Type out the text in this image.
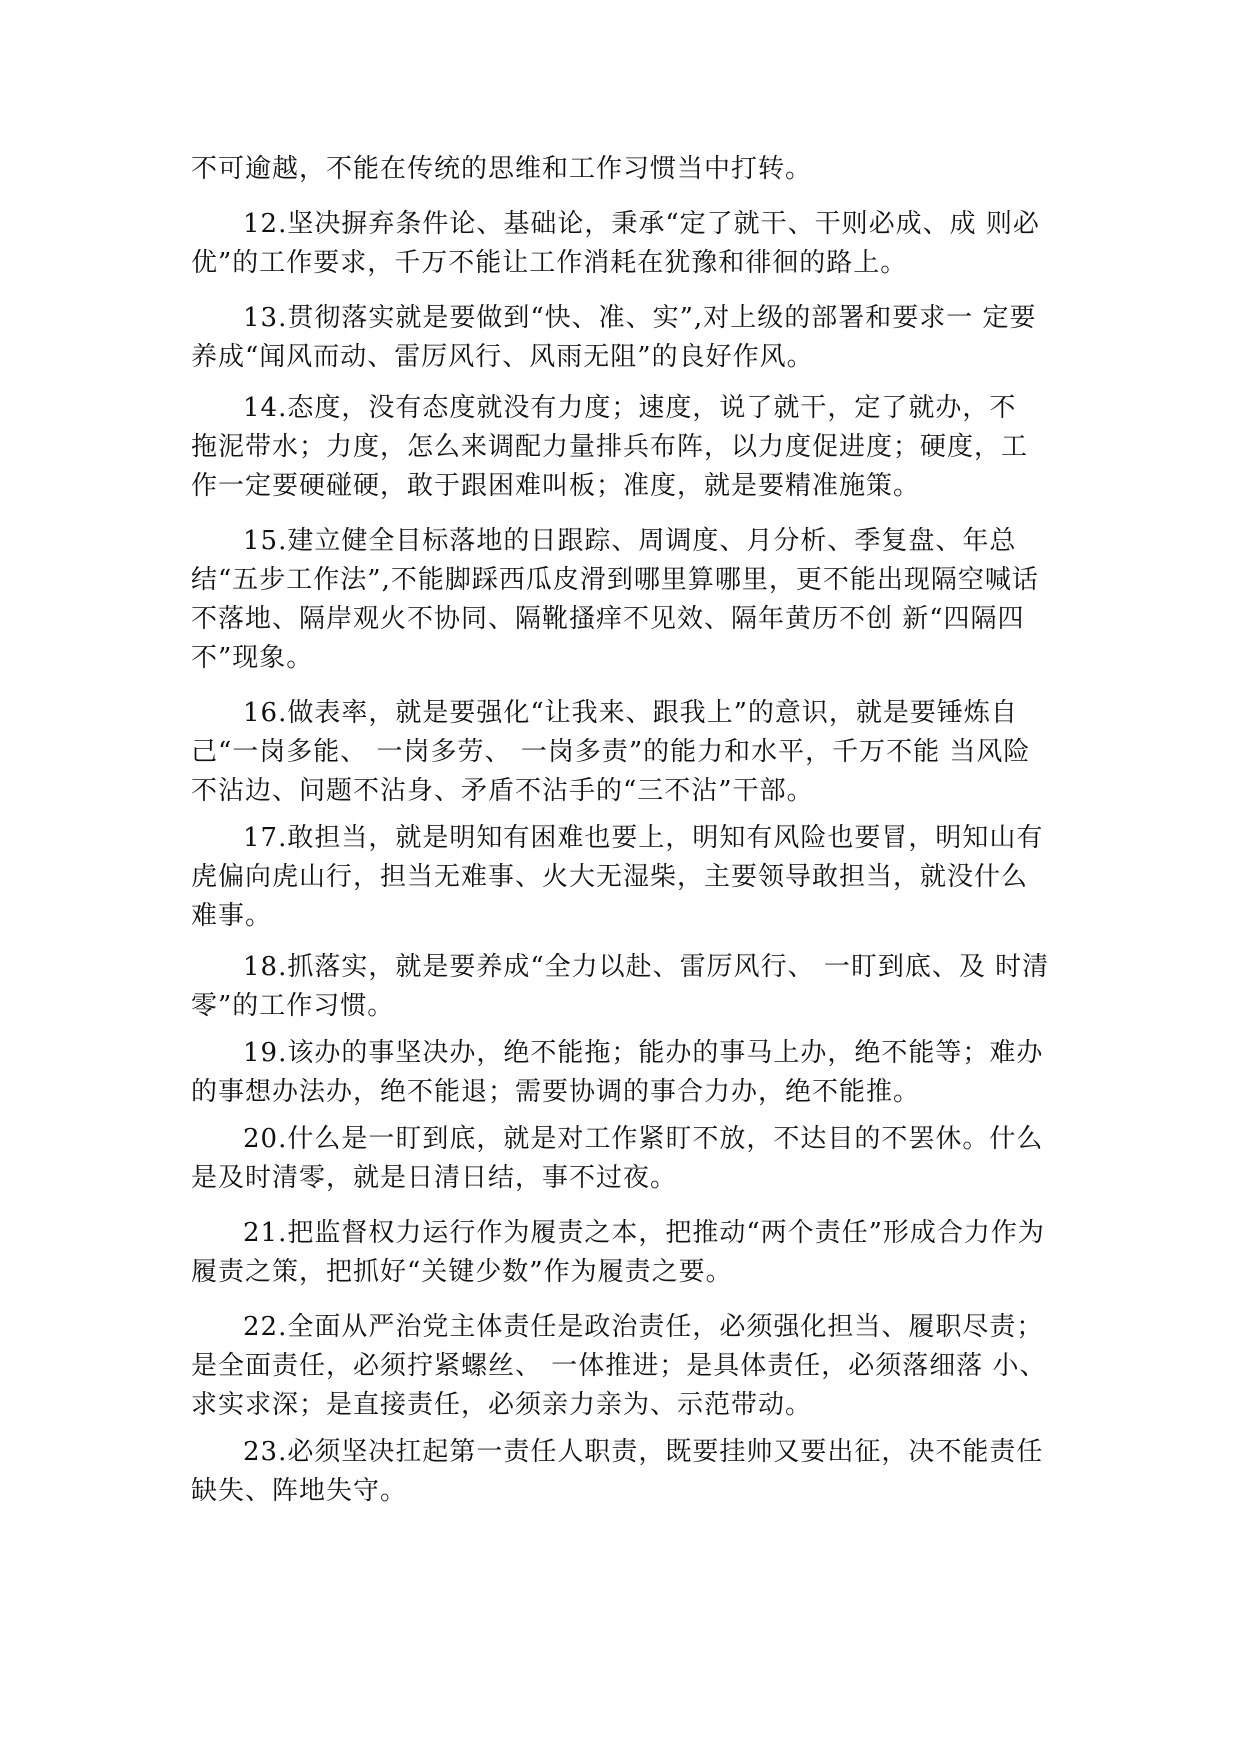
不可逾越，不能在传统的思维和工作习惯当中打转。

12.坚决摒弃条件论、基础论，秉承“定了就干、干则必成、成 则必优”的工作要求，千万不能让工作消耗在犹豫和徘徊的路上。

13.贯彻落实就是要做到“快、准、实”,对上级的部署和要求一 定要养成“闻风而动、雷厉风行、风雨无阻”的良好作风。

14.态度，没有态度就没有力度；速度，说了就干，定了就办，不 拖泥带水；力度，怎么来调配力量排兵布阵，以力度促进度；硬度，工 作一定要硬碰硬，敢于跟困难叫板；准度，就是要精准施策。

15.建立健全目标落地的日跟踪、周调度、月分析、季复盘、年总结“五步工作法”,不能脚踩西瓜皮滑到哪里算哪里，更不能出现隔空喊话不落地、隔岸观火不协同、隔靴搔痒不见效、隔年黄历不创 新“四隔四不”现象。

16.做表率，就是要强化“让我来、跟我上”的意识，就是要锤炼自己“一岗多能、 一岗多劳、 一岗多责”的能力和水平，千万不能 当风险不沾边、问题不沾身、矛盾不沾手的“三不沾”干部。

17.敢担当，就是明知有困难也要上，明知有风险也要冒，明知山有虎偏向虎山行，担当无难事、火大无湿柴，主要领导敢担当，就没什么难事。

18.抓落实，就是要养成“全力以赴、雷厉风行、 一盯到底、及 时清零”的工作习惯。

19.该办的事坚决办，绝不能拖；能办的事马上办，绝不能等；难办的事想办法办，绝不能退；需要协调的事合力办，绝不能推。

20.什么是一盯到底，就是对工作紧盯不放，不达目的不罢休。什么是及时清零，就是日清日结，事不过夜。

21.把监督权力运行作为履责之本，把推动“两个责任”形成合力作为履责之策，把抓好“关键少数”作为履责之要。

22.全面从严治党主体责任是政治责任，必须强化担当、履职尽责；是全面责任，必须拧紧螺丝、 一体推进；是具体责任，必须落细落 小、求实求深；是直接责任，必须亲力亲为、示范带动。

23.必须坚决扛起第一责任人职责，既要挂帅又要出征，决不能责任缺失、阵地失守。
